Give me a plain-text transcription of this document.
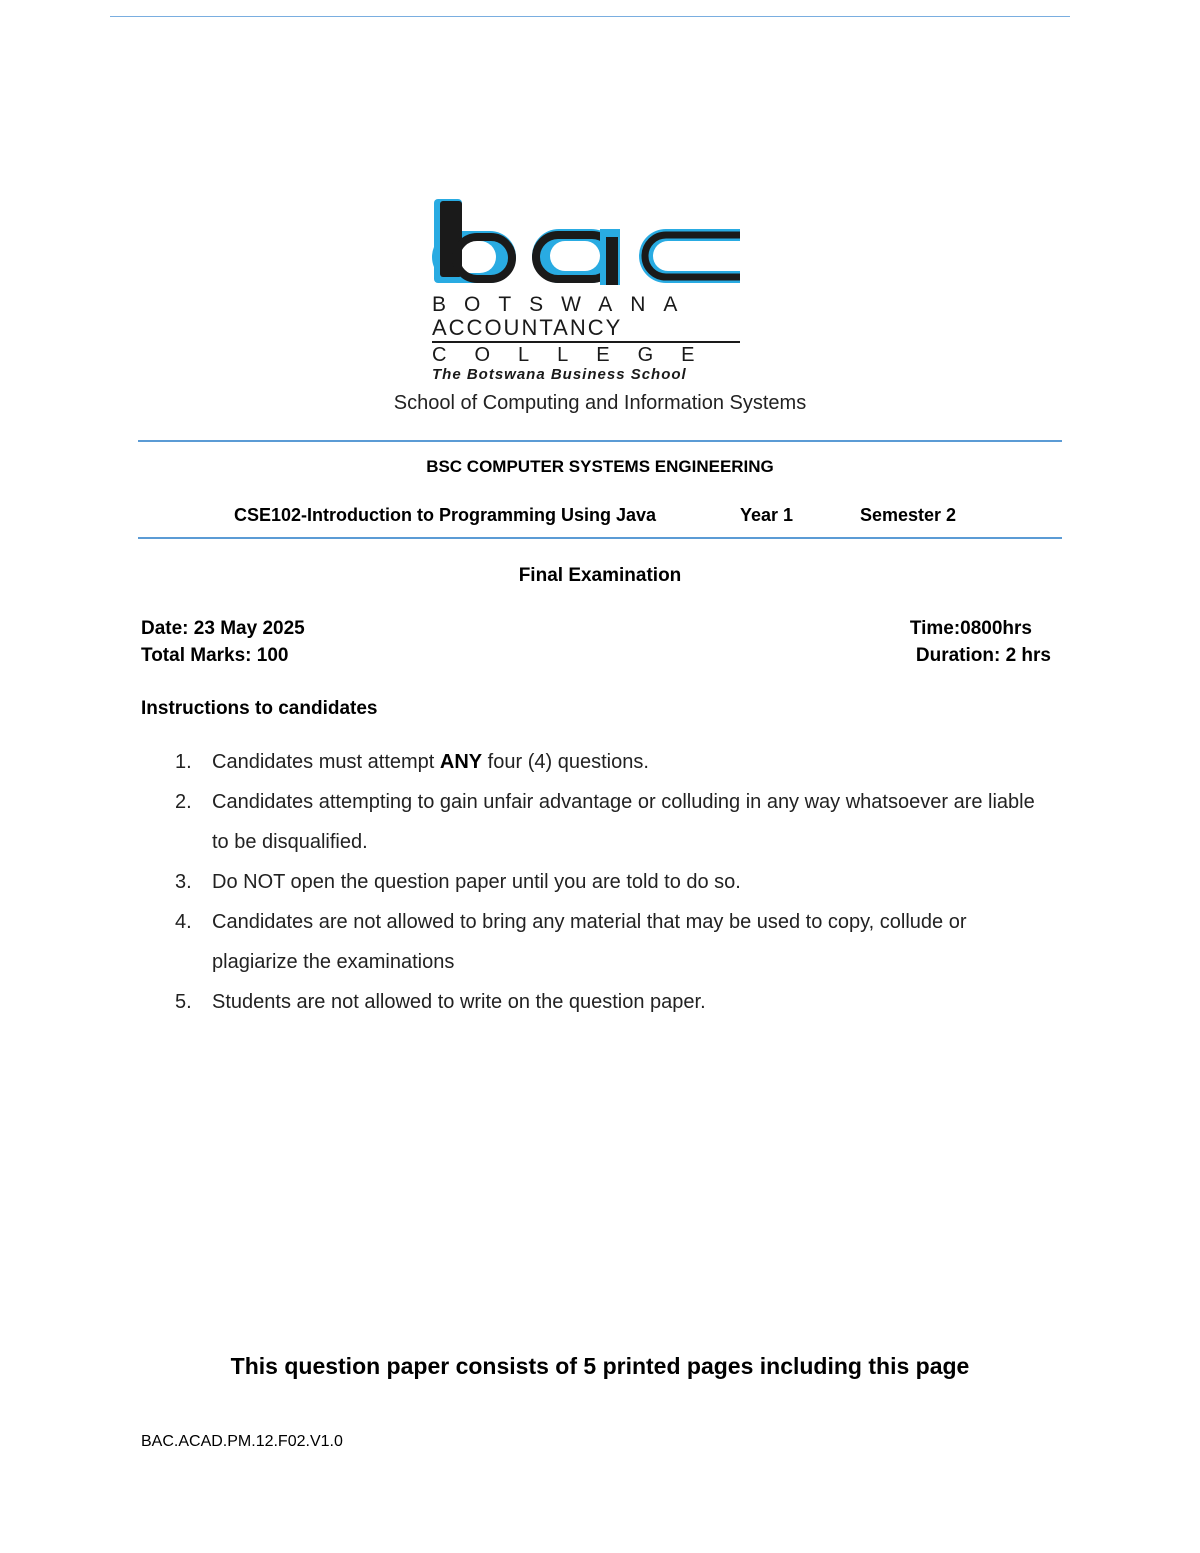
BOTSWANA
ACCOUNTANCY
COLLEGE
The Botswana Business School
School of Computing and Information Systems
BSC COMPUTER SYSTEMS ENGINEERING
CSE102-Introduction to Programming Using Java	Year 1	Semester 2
Final Examination
Date: 23 May 2025
Total Marks: 100
Time:0800hrs
Duration: 2 hrs
Instructions to candidates
1. Candidates must attempt ANY four (4) questions.
2. Candidates attempting to gain unfair advantage or colluding in any way whatsoever are liable to be disqualified.
3. Do NOT open the question paper until you are told to do so.
4. Candidates are not allowed to bring any material that may be used to copy, collude or plagiarize the examinations
5. Students are not allowed to write on the question paper.
This question paper consists of 5 printed pages including this page
BAC.ACAD.PM.12.F02.V1.0
